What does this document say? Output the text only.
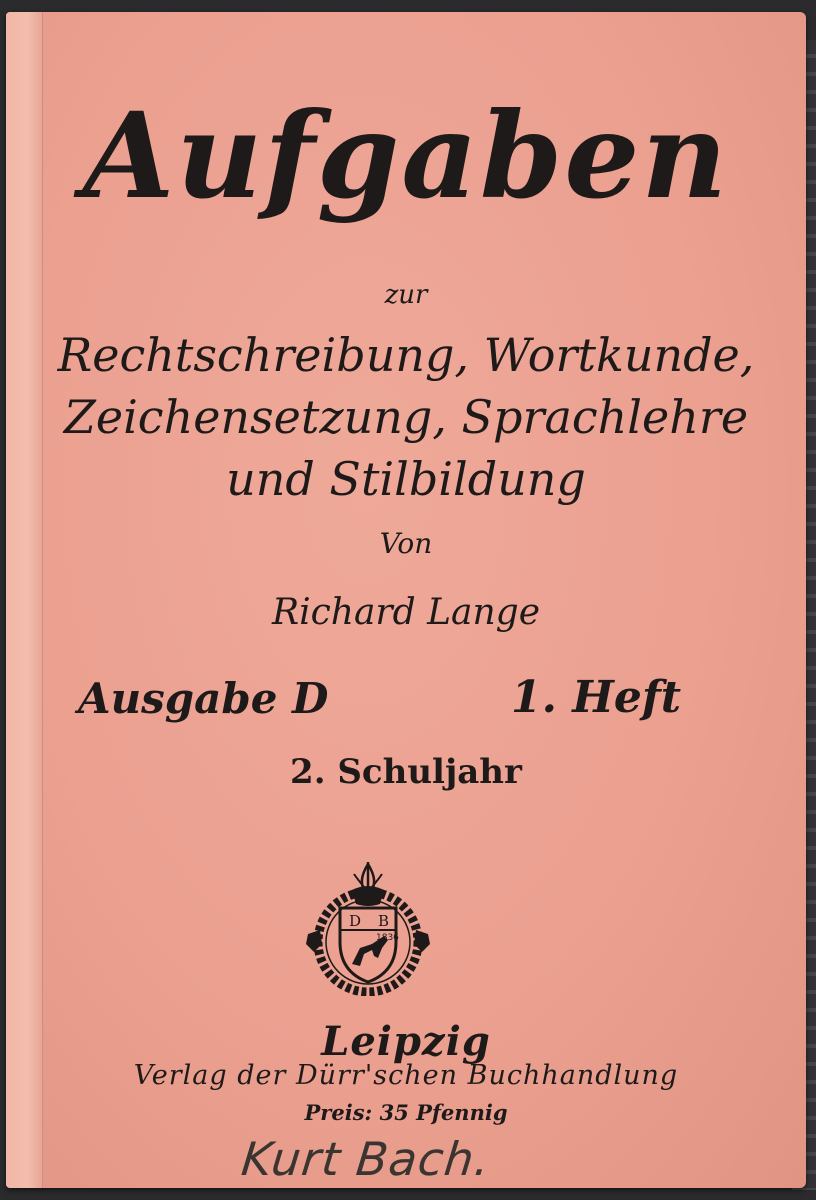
Aufgaben
zur
Rechtschreibung, Wortkunde,
Zeichensetzung, Sprachlehre
und Stilbildung
Von
Richard Lange
Ausgabe D	1. Heft
2. Schuljahr
D B
1836
Leipzig
Verlag der Dürr'schen Buchhandlung
Preis: 35 Pfennig
Kurt Bach.
